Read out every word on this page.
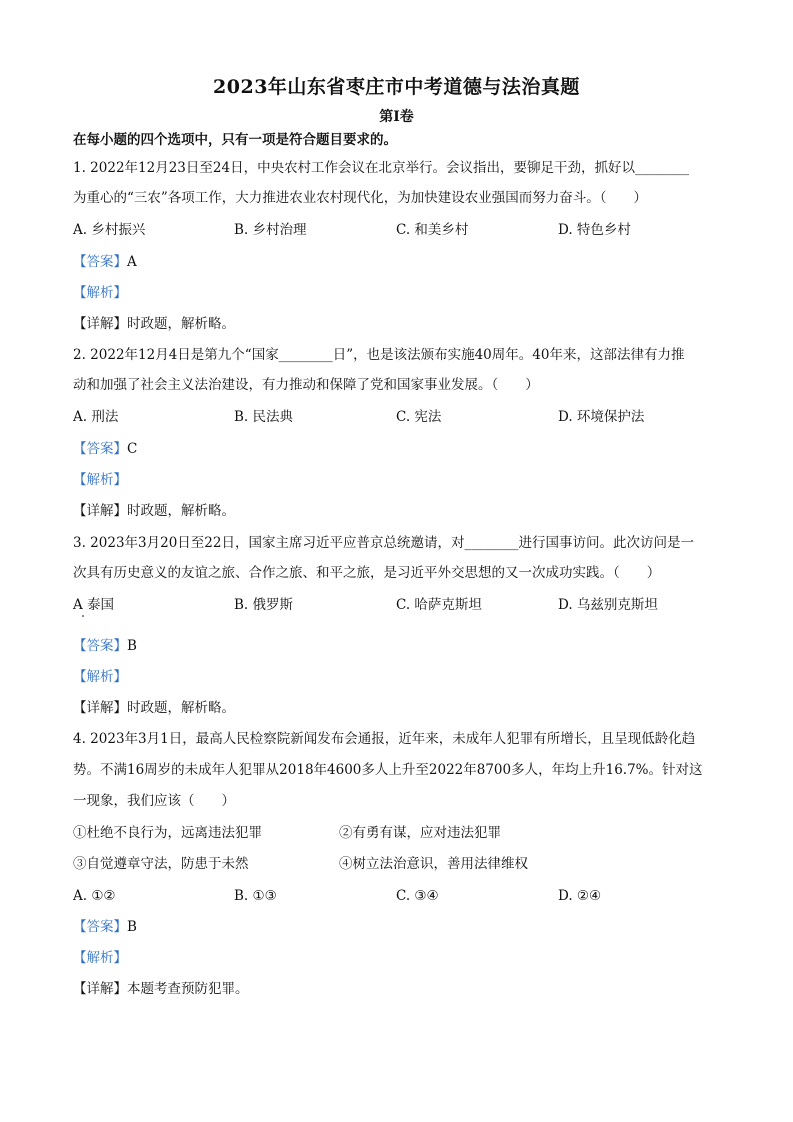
2023年山东省枣庄市中考道德与法治真题
第Ⅰ卷
在每小题的四个选项中，只有一项是符合题目要求的。
1. 2022年12月23日至24日，中央农村工作会议在北京举行。会议指出，要铆足干劲，抓好以________
为重心的“三农”各项工作，大力推进农业农村现代化，为加快建设农业强国而努力奋斗。（　　）
A. 乡村振兴	B. 乡村治理	C. 和美乡村	D. 特色乡村
【答案】A
【解析】
【详解】时政题，解析略。
2. 2022年12月4日是第九个“国家________日”，也是该法颁布实施40周年。40年来，这部法律有力推
动和加强了社会主义法治建设，有力推动和保障了党和国家事业发展。（　　）
A. 刑法	B. 民法典	C. 宪法	D. 环境保护法
【答案】C
【解析】
【详解】时政题，解析略。
3. 2023年3月20日至22日，国家主席习近平应普京总统邀请，对________进行国事访问。此次访问是一
次具有历史意义的友谊之旅、合作之旅、和平之旅，是习近平外交思想的又一次成功实践。（　　）
A 泰国	B. 俄罗斯	C. 哈萨克斯坦	D. 乌兹别克斯坦
【答案】B
【解析】
【详解】时政题，解析略。
4. 2023年3月1日，最高人民检察院新闻发布会通报，近年来，未成年人犯罪有所增长，且呈现低龄化趋
势。不满16周岁的未成年人犯罪从2018年4600多人上升至2022年8700多人，年均上升16.7%。针对这
一现象，我们应该（　　）
①杜绝不良行为，远离违法犯罪	②有勇有谋，应对违法犯罪
③自觉遵章守法，防患于未然	④树立法治意识，善用法律维权
A. ①②	B. ①③	C. ③④	D. ②④
【答案】B
【解析】
【详解】本题考查预防犯罪。
